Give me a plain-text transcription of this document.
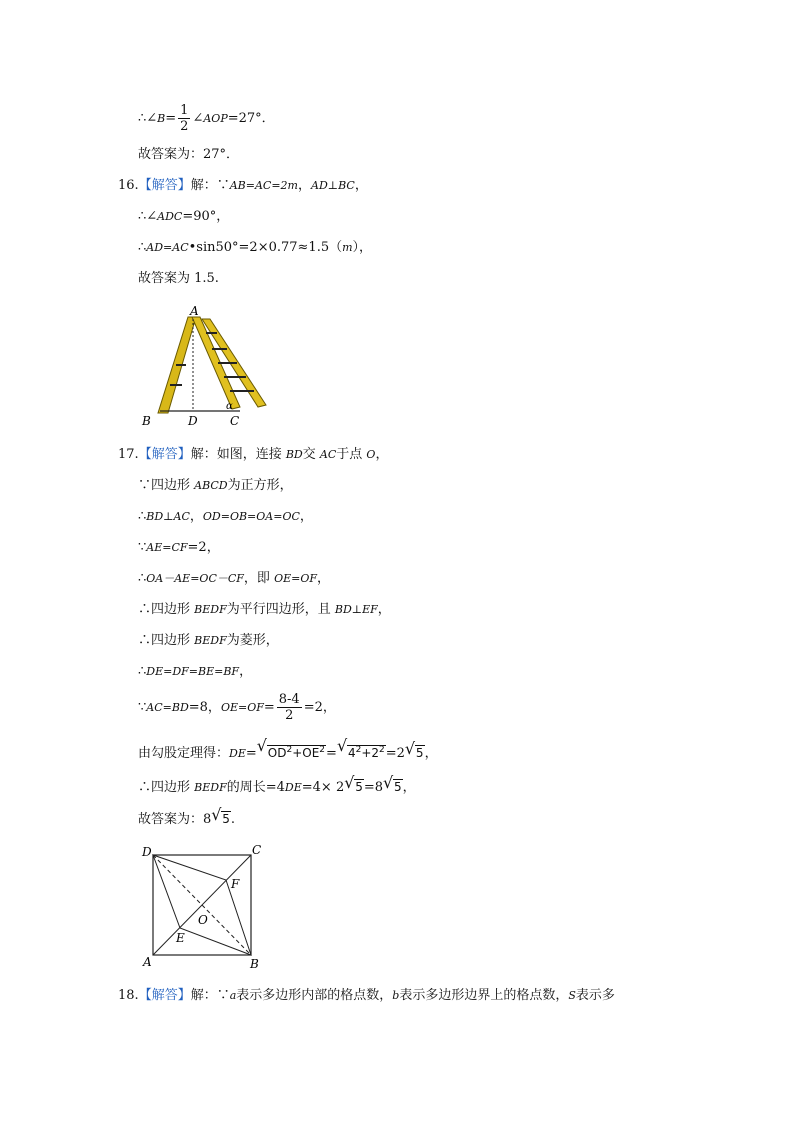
∴∠B= $\frac{1}{2}$ ∠AOP=27°．
故答案为：27°．
16.【解答】解：∵AB=AC=2m，AD⊥BC，
∴∠ADC=90°，
∴AD=AC•sin50°=2×0.77≈1.5（m），
故答案为 1.5.
A
B	D	C
α
17.【解答】解：如图，连接 BD交 AC于点 O，
∵四边形 ABCD为正方形，
∴BD⊥AC，OD=OB=OA=OC，
∵AE=CF=2，
∴OA－AE=OC－CF，即 OE=OF，
∴四边形 BEDF为平行四边形，且 BD⊥EF，
∴四边形 BEDF为菱形，
∴DE=DF=BE=BF，
∵AC=BD=8，$OE=OF= \frac{8-4}{2} =2$，
由勾股定理得：DE= √ $OD^2+OE^2=$ √ $4^2+2^2=2$ √ 5，
∴四边形 BEDF的周长=4DE=4× 2 √ 5=8 √ 5，
故答案为：8 √ 5.
D	C
F
O
E
A	B
18.【解答】解：∵a表示多边形内部的格点数，b表示多边形边界上的格点数，S表示多
